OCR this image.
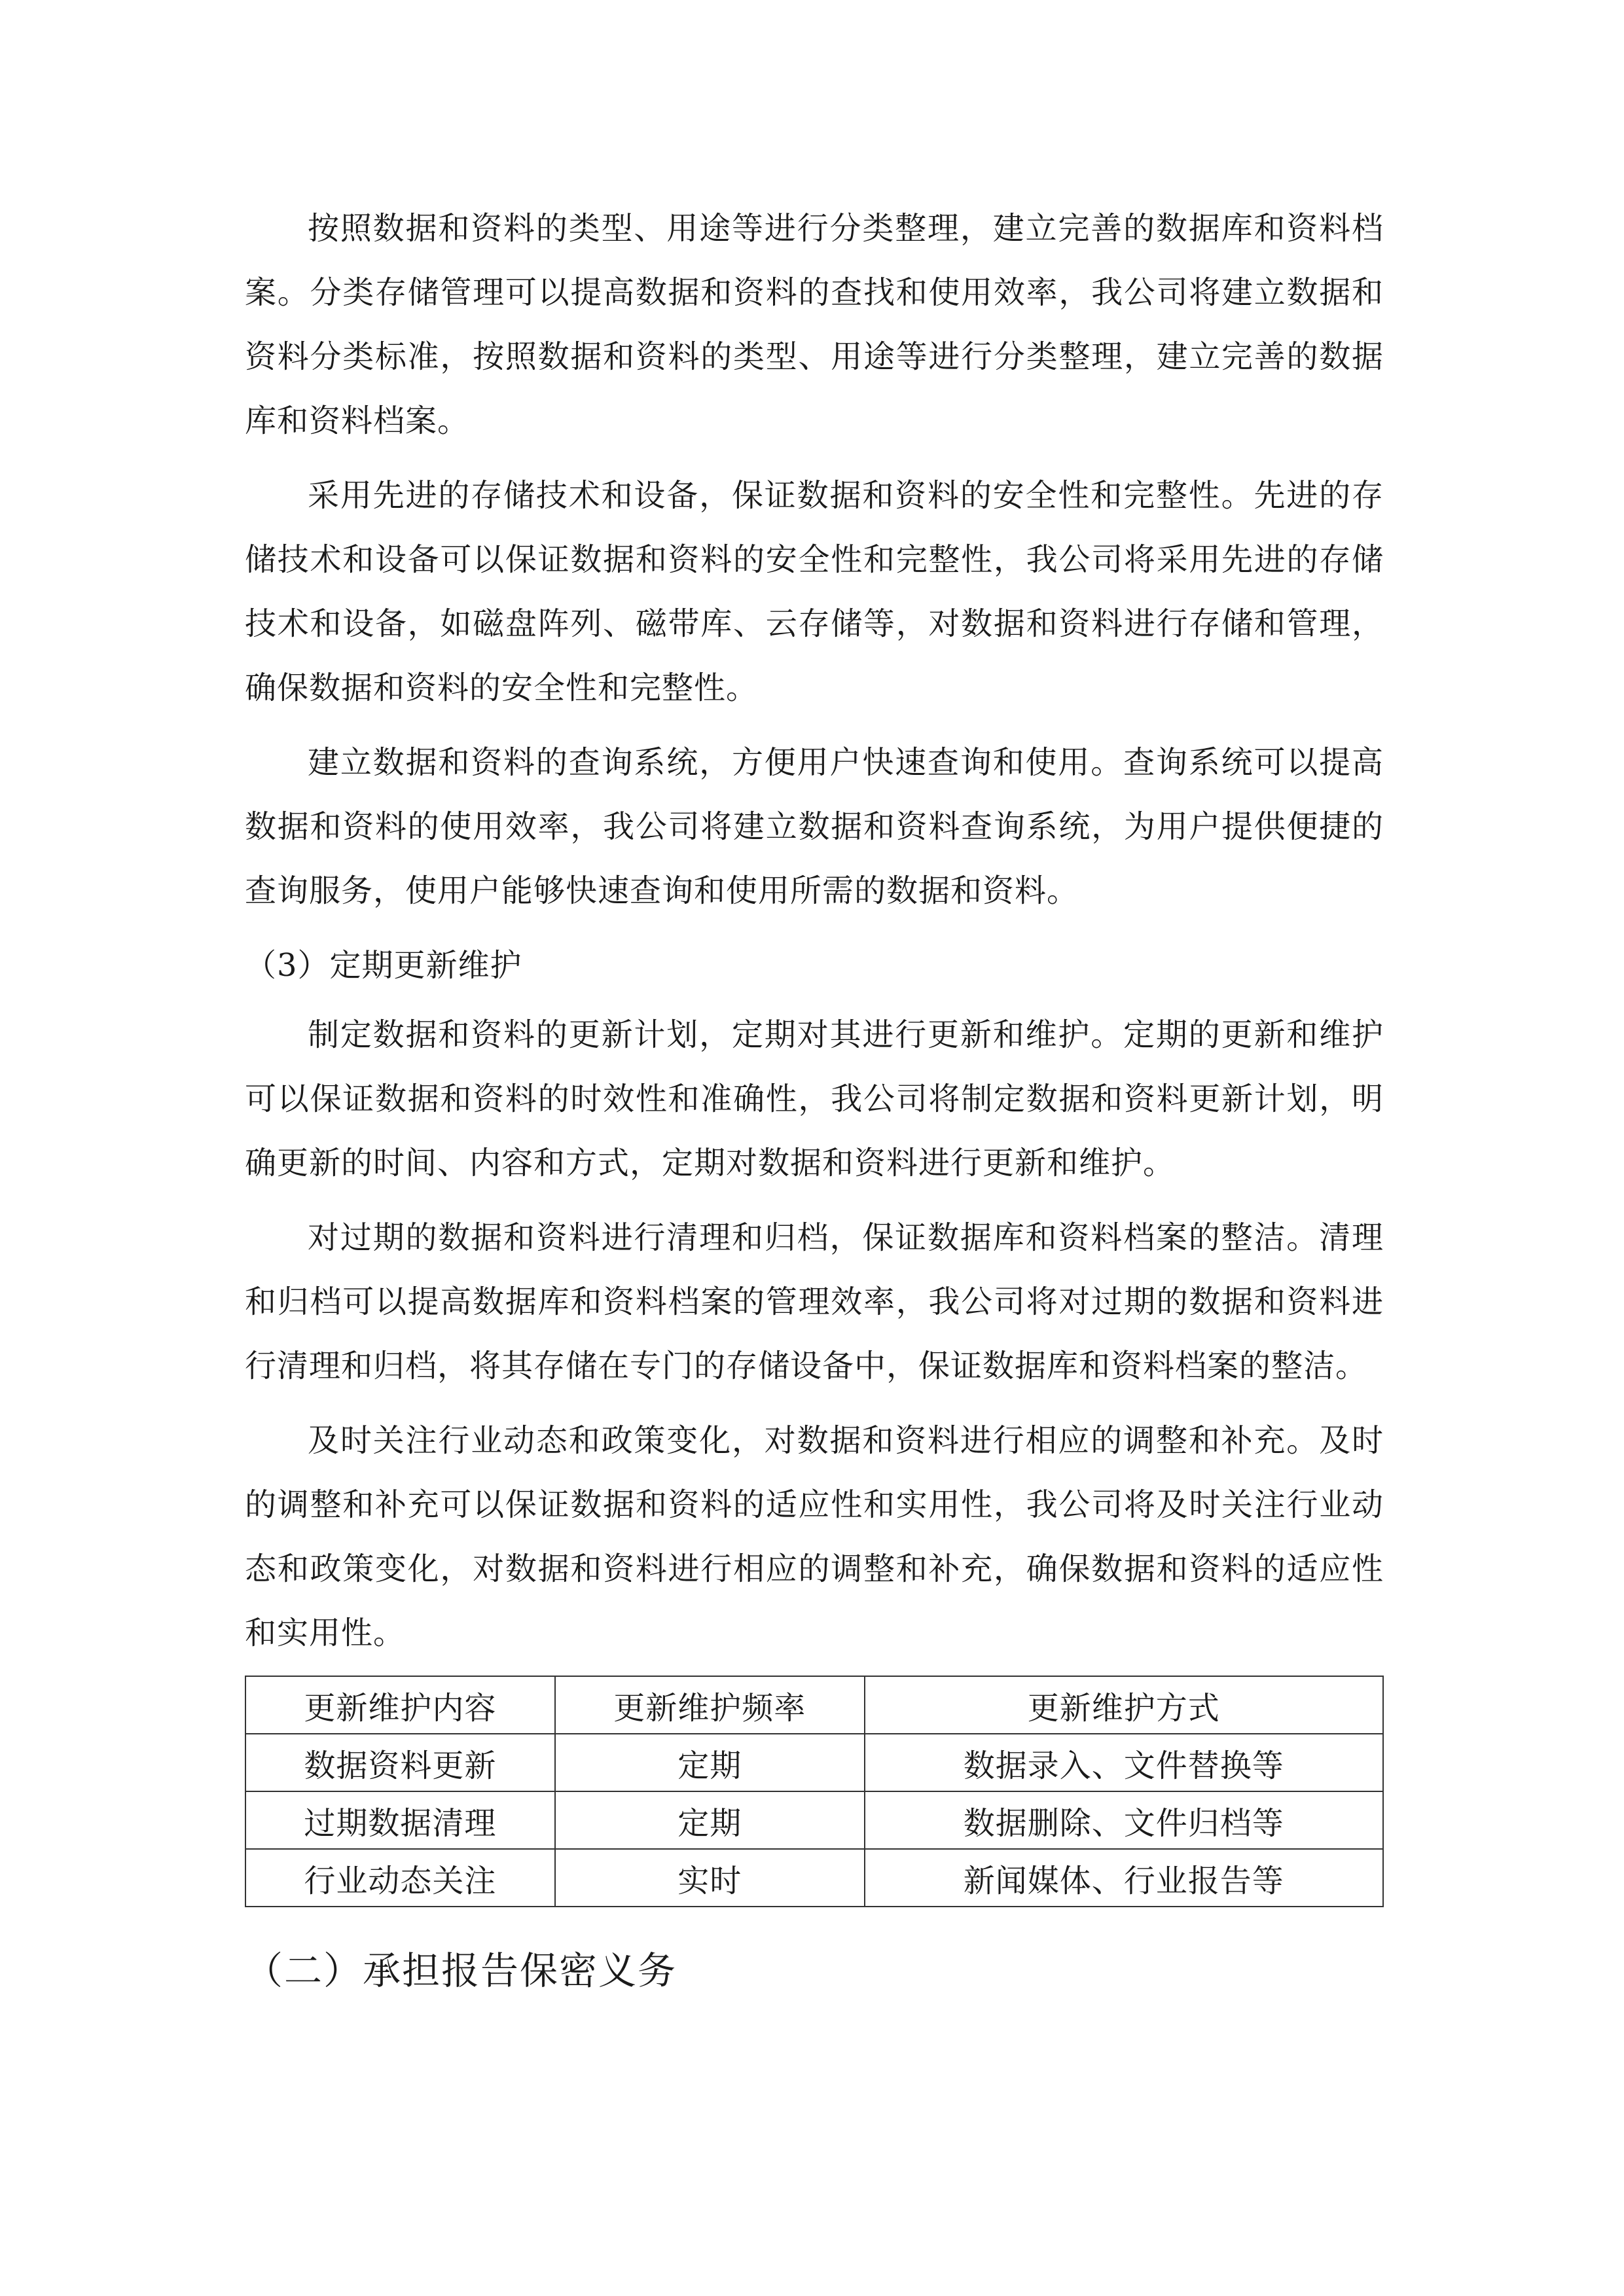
按照数据和资料的类型、用途等进行分类整理，建立完善的数据库和资料档案。分类存储管理可以提高数据和资料的查找和使用效率，我公司将建立数据和资料分类标准，按照数据和资料的类型、用途等进行分类整理，建立完善的数据库和资料档案。

采用先进的存储技术和设备，保证数据和资料的安全性和完整性。先进的存储技术和设备可以保证数据和资料的安全性和完整性，我公司将采用先进的存储技术和设备，如磁盘阵列、磁带库、云存储等，对数据和资料进行存储和管理，确保数据和资料的安全性和完整性。

建立数据和资料的查询系统，方便用户快速查询和使用。查询系统可以提高数据和资料的使用效率，我公司将建立数据和资料查询系统，为用户提供便捷的查询服务，使用户能够快速查询和使用所需的数据和资料。

（3）定期更新维护

制定数据和资料的更新计划，定期对其进行更新和维护。定期的更新和维护可以保证数据和资料的时效性和准确性，我公司将制定数据和资料更新计划，明确更新的时间、内容和方式，定期对数据和资料进行更新和维护。

对过期的数据和资料进行清理和归档，保证数据库和资料档案的整洁。清理和归档可以提高数据库和资料档案的管理效率，我公司将对过期的数据和资料进行清理和归档，将其存储在专门的存储设备中，保证数据库和资料档案的整洁。

及时关注行业动态和政策变化，对数据和资料进行相应的调整和补充。及时的调整和补充可以保证数据和资料的适应性和实用性，我公司将及时关注行业动态和政策变化，对数据和资料进行相应的调整和补充，确保数据和资料的适应性和实用性。

更新维护内容	更新维护频率	更新维护方式
数据资料更新	定期	数据录入、文件替换等
过期数据清理	定期	数据删除、文件归档等
行业动态关注	实时	新闻媒体、行业报告等
（二）承担报告保密义务
